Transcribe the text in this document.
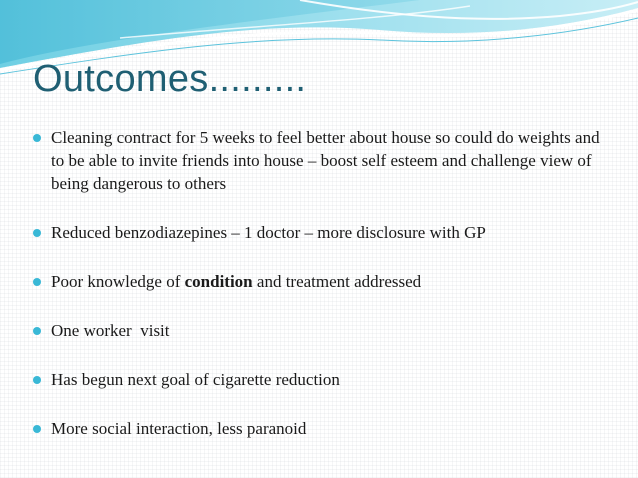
Outcomes.........
Cleaning contract for 5 weeks to feel better about house so could do weights and to be able to invite friends into house – boost self esteem and challenge view of being dangerous to others
Reduced benzodiazepines – 1 doctor – more disclosure with GP
Poor knowledge of condition and treatment addressed
One worker  visit
Has begun next goal of cigarette reduction
More social interaction, less paranoid
